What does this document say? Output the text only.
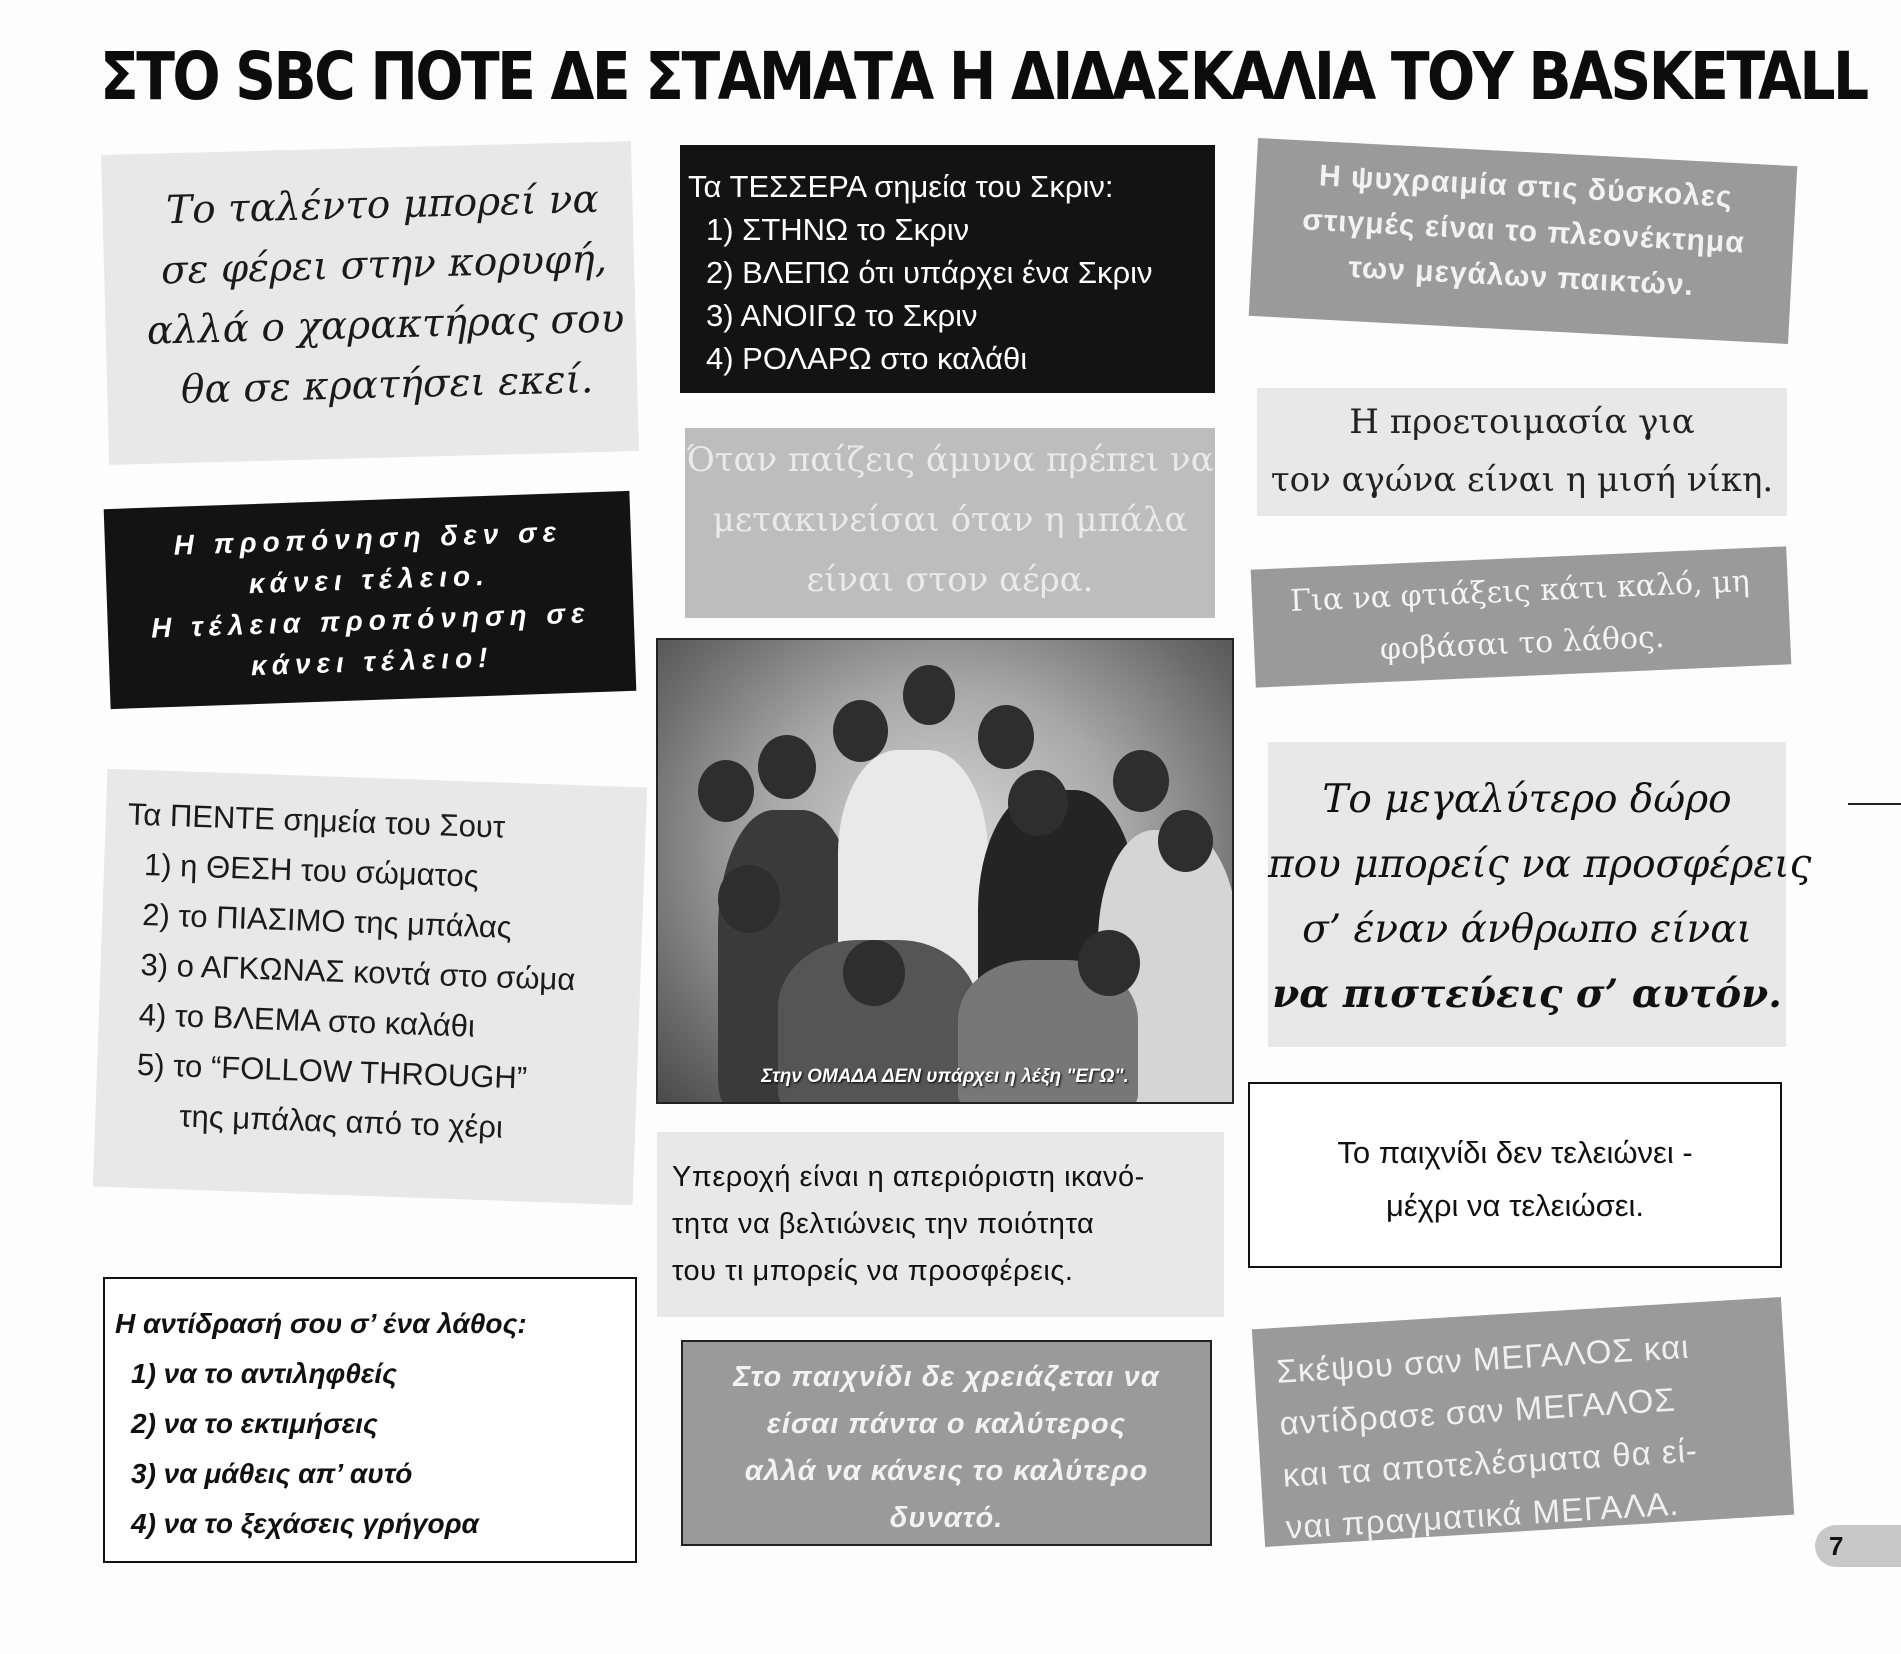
ΣΤΟ SBC ΠΟΤΕ ΔΕ ΣΤΑΜΑΤΑ Η ΔΙΔΑΣΚΑΛΙΑ ΤΟΥ BASKETALL
Το ταλέντο μπορεί να
σε φέρει στην κορυφή,
αλλά ο χαρακτήρας σου
θα σε κρατήσει εκεί.
Τα ΤΕΣΣΕΡΑ σημεία του Σκριν:
1) ΣΤΗΝΩ το Σκριν
2) ΒΛΕΠΩ ότι υπάρχει ένα Σκριν
3) ΑΝΟΙΓΩ το Σκριν
4) ΡΟΛΑΡΩ στο καλάθι
Η ψυχραιμία στις δύσκολες
στιγμές είναι το πλεονέκτημα
των μεγάλων παικτών.
Η προετοιμασία για
τον αγώνα είναι η μισή νίκη.
Όταν παίζεις άμυνα πρέπει να
μετακινείσαι όταν η μπάλα
είναι στον αέρα.
Η προπόνηση δεν σε
κάνει τέλειο.
Η τέλεια προπόνηση σε
κάνει τέλειο!
Για να φτιάξεις κάτι καλό, μη
φοβάσαι το λάθος.
Στην ΟΜΑΔΑ ΔΕΝ υπάρχει η λέξη "ΕΓΩ".
Το μεγαλύτερο δώρο
που μπορείς να προσφέρεις
σ’ έναν άνθρωπο είναι
να πιστεύεις σ’ αυτόν.
Τα ΠΕΝΤΕ σημεία του Σουτ
1) η ΘΕΣΗ του σώματος
2) το ΠΙΑΣΙΜΟ της μπάλας
3) ο ΑΓΚΩΝΑΣ κοντά στο σώμα
4) το ΒΛΕΜΑ στο καλάθι
5) το “FOLLOW THROUGH”
της μπάλας από το χέρι
Το παιχνίδι δεν τελειώνει -
μέχρι να τελειώσει.
Υπεροχή είναι η απεριόριστη ικανό-
τητα να βελτιώνεις την ποιότητα
του τι μπορείς να προσφέρεις.
Η αντίδρασή σου σ’ ένα λάθος:
1) να το αντιληφθείς
2) να το εκτιμήσεις
3) να μάθεις απ’ αυτό
4) να το ξεχάσεις γρήγορα
Στο παιχνίδι δε χρειάζεται να
είσαι πάντα ο καλύτερος
αλλά να κάνεις το καλύτερο
δυνατό.
Σκέψου σαν ΜΕΓΑΛΟΣ και
αντίδρασε σαν ΜΕΓΑΛΟΣ
και τα αποτελέσματα θα εί-
ναι πραγματικά ΜΕΓΑΛΑ.
7
